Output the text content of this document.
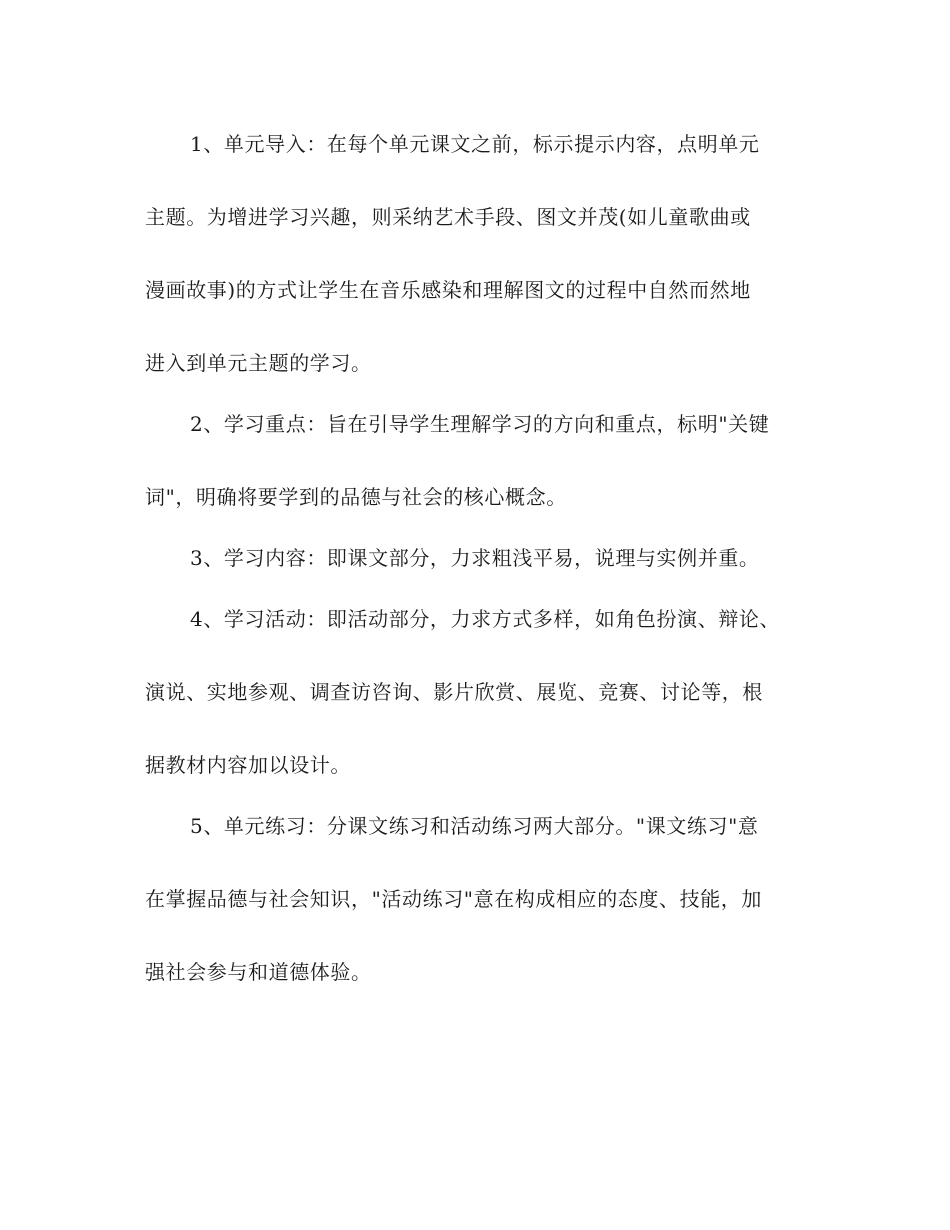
1、单元导入：在每个单元课文之前，标示提示内容，点明单元
主题。为增进学习兴趣，则采纳艺术手段、图文并茂(如儿童歌曲或
漫画故事)的方式让学生在音乐感染和理解图文的过程中自然而然地
进入到单元主题的学习。
2、学习重点：旨在引导学生理解学习的方向和重点，标明"关键
词"，明确将要学到的品德与社会的核心概念。
3、学习内容：即课文部分，力求粗浅平易，说理与实例并重。
4、学习活动：即活动部分，力求方式多样，如角色扮演、辩论、
演说、实地参观、调查访咨询、影片欣赏、展览、竞赛、讨论等，根
据教材内容加以设计。
5、单元练习：分课文练习和活动练习两大部分。"课文练习"意
在掌握品德与社会知识，"活动练习"意在构成相应的态度、技能，加
强社会参与和道德体验。
